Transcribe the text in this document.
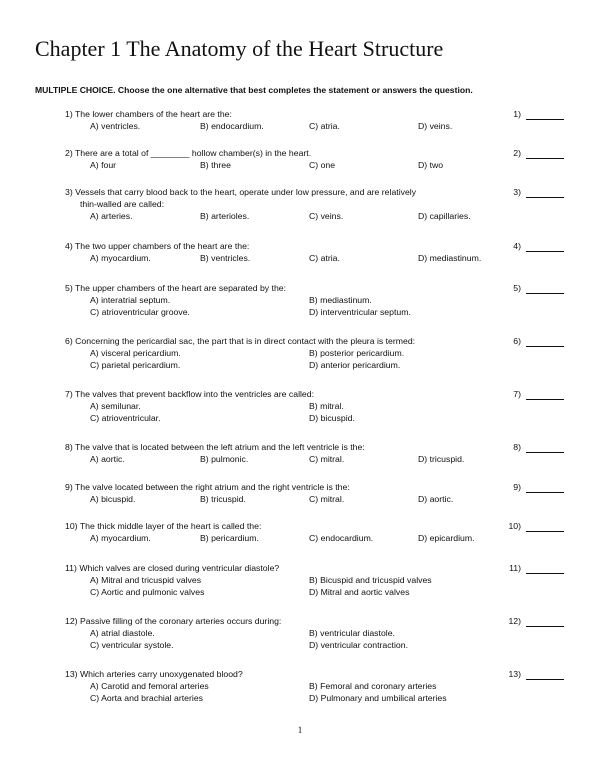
Chapter 1 The Anatomy of the Heart Structure
MULTIPLE CHOICE. Choose the one alternative that best completes the statement or answers the question.
1) The lower chambers of the heart are the:	1)
A) ventricles.	B) endocardium.	C) atria.	D) veins.
2) There are a total of ________ hollow chamber(s) in the heart.	2)
A) four	B) three	C) one	D) two
3) Vessels that carry blood back to the heart, operate under low pressure, and are relatively
thin-walled are called:
3)
A) arteries.	B) arterioles.	C) veins.	D) capillaries.
4) The two upper chambers of the heart are the:	4)
A) myocardium.	B) ventricles.	C) atria.	D) mediastinum.
5) The upper chambers of the heart are separated by the:	5)
A) interatrial septum.	B) mediastinum.
C) atrioventricular groove.	D) interventricular septum.
6) Concerning the pericardial sac, the part that is in direct contact with the pleura is termed:	6)
A) visceral pericardium.	B) posterior pericardium.
C) parietal pericardium.	D) anterior pericardium.
7) The valves that prevent backflow into the ventricles are called:	7)
A) semilunar.	B) mitral.
C) atrioventricular.	D) bicuspid.
8) The valve that is located between the left atrium and the left ventricle is the:	8)
A) aortic.	B) pulmonic.	C) mitral.	D) tricuspid.
9) The valve located between the right atrium and the right ventricle is the:	9)
A) bicuspid.	B) tricuspid.	C) mitral.	D) aortic.
10) The thick middle layer of the heart is called the:	10)
A) myocardium.	B) pericardium.	C) endocardium.	D) epicardium.
11) Which valves are closed during ventricular diastole?	11)
A) Mitral and tricuspid valves	B) Bicuspid and tricuspid valves
C) Aortic and pulmonic valves	D) Mitral and aortic valves
12) Passive filling of the coronary arteries occurs during:	12)
A) atrial diastole.	B) ventricular diastole.
C) ventricular systole.	D) ventricular contraction.
13) Which arteries carry unoxygenated blood?	13)
A) Carotid and femoral arteries	B) Femoral and coronary arteries
C) Aorta and brachial arteries	D) Pulmonary and umbilical arteries
1
